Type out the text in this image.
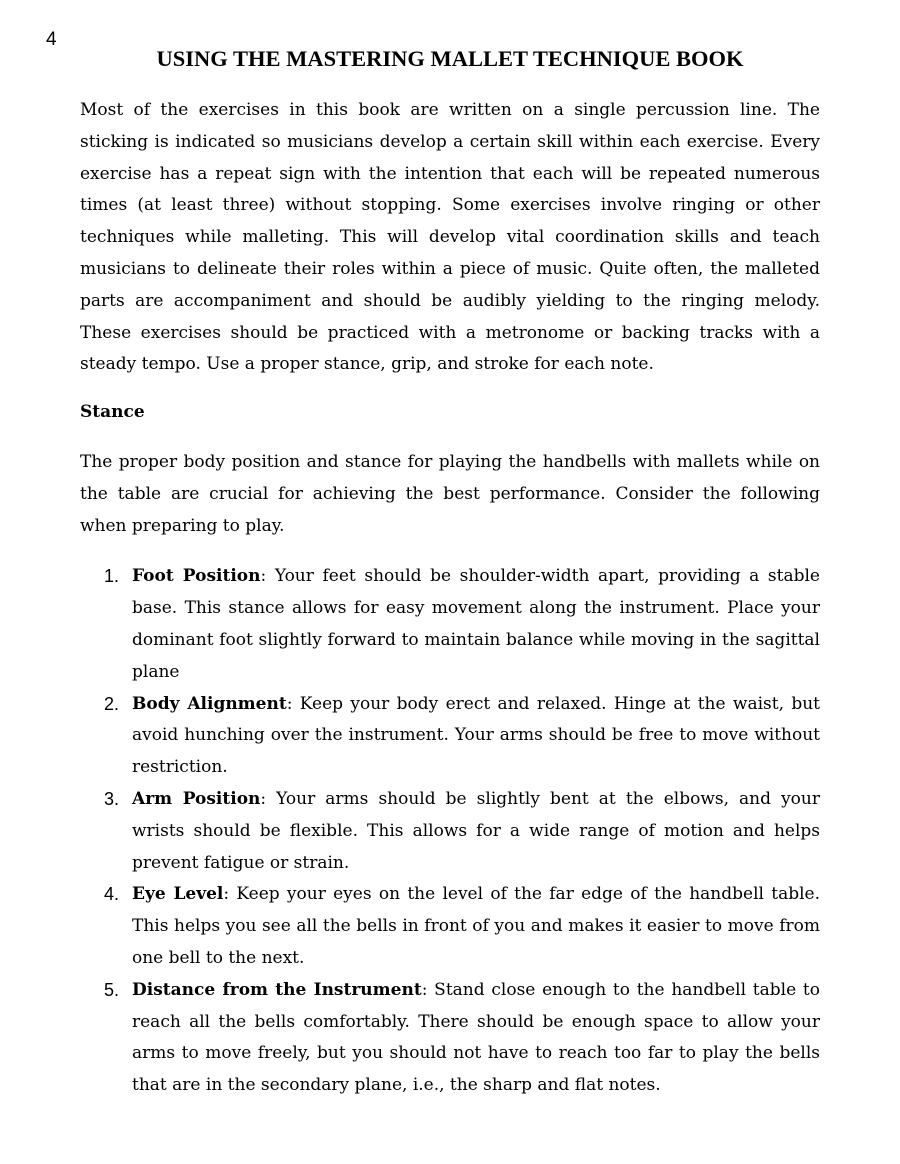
4
USING THE MASTERING MALLET TECHNIQUE BOOK

Most of the exercises in this book are written on a single percussion line. The sticking is indicated so musicians develop a certain skill within each exercise. Every exercise has a repeat sign with the intention that each will be repeated numerous times (at least three) without stopping. Some exercises involve ringing or other techniques while malleting. This will develop vital coordination skills and teach musicians to delineate their roles within a piece of music. Quite often, the malleted parts are accompaniment and should be audibly yielding to the ringing melody. These exercises should be practiced with a metronome or backing tracks with a steady tempo. Use a proper stance, grip, and stroke for each note.

Stance

The proper body position and stance for playing the handbells with mallets while on the table are crucial for achieving the best performance. Consider the following when preparing to play.

1. Foot Position: Your feet should be shoulder-width apart, providing a stable base. This stance allows for easy movement along the instrument. Place your dominant foot slightly forward to maintain balance while moving in the sagittal plane
2. Body Alignment: Keep your body erect and relaxed. Hinge at the waist, but avoid hunching over the instrument. Your arms should be free to move without restriction.
3. Arm Position: Your arms should be slightly bent at the elbows, and your wrists should be flexible. This allows for a wide range of motion and helps prevent fatigue or strain.
4. Eye Level: Keep your eyes on the level of the far edge of the handbell table. This helps you see all the bells in front of you and makes it easier to move from one bell to the next.
5. Distance from the Instrument: Stand close enough to the handbell table to reach all the bells comfortably. There should be enough space to allow your arms to move freely, but you should not have to reach too far to play the bells that are in the secondary plane, i.e., the sharp and flat notes.
